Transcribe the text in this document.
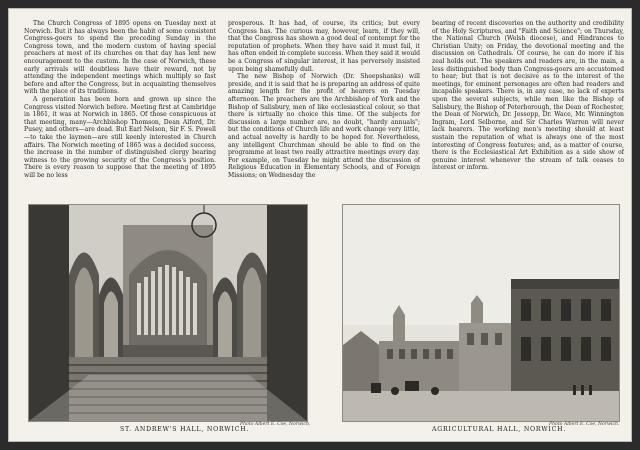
The Church Congress of 1895 opens on Tuesday next at Norwich. But it has always been the habit of some consistent Congress-goers to spend the preceding Sunday in the Congress town, and the modern custom of having special preachers at most of its churches on that day has lent new encouragement to the custom. In the case of Norwich, these early arrivals will doubtless have their reward, not by attending the independent meetings which multiply so fast before and after the Congress, but in acquainting themselves with the place of its traditions.

A generation has been born and grown up since the Congress visited Norwich before. Meeting first at Cambridge in 1861, it was at Norwich in 1865. Of those conspicuous at that meeting, many—Archbishop Thomson, Dean Alford, Dr. Pusey, and others—are dead. But Earl Nelson, Sir F. S. Powell—to take the laymen—are still keenly interested in Church affairs. The Norwich meeting of 1865 was a decided success, the increase in the number of distinguished clergy bearing witness to the growing security of the Congress's position. There is every reason to suppose that the meeting of 1895 will be no less

prosperous. It has had, of course, its critics; but every Congress has. The curious may, however, learn, if they will, that the Congress has shown a good deal of contempt for the reputation of prophets. When they have said it must fail, it has often ended in complete success. When they said it would be a Congress of singular interest, it has perversely insisted upon being shamefully dull.

The new Bishop of Norwich (Dr. Sheepshanks) will preside, and it is said that he is preparing an address of quite amazing length for the profit of hearers on Tuesday afternoon. The preachers are the Archbishop of York and the Bishop of Salisbury, men of like ecclesiastical colour, so that there is virtually no choice this time. Of the subjects for discussion a large number are, no doubt, "hardy annuals"; but the conditions of Church life and work change very little, and actual novelty is hardly to be hoped for. Nevertheless, any intelligent Churchman should be able to find on the programme at least two really attractive meetings every day. For example, on Tuesday he might attend the discussion of Religious Education in Elementary Schools, and of Foreign Missions; on Wednesday the

bearing of recent discoveries on the authority and credibility of the Holy Scriptures, and "Faith and Science"; on Thursday, the National Church (Welsh diocese), and Hindrances to Christian Unity; on Friday, the devotional meeting and the discussion on Cathedrals. Of course, he can do more if his zeal holds out. The speakers and readers are, in the main, a less distinguished body than Congress-goers are accustomed to hear; but that is not decisive as to the interest of the meetings, for eminent personages are often bad readers and incapable speakers. There is, in any case, no lack of experts upon the several subjects, while men like the Bishop of Salisbury, the Bishop of Peterborough, the Dean of Rochester, the Dean of Norwich, Dr. Jessopp, Dr. Wace, Mr. Winnington Ingram, Lord Selborne, and Sir Charles Warren will never lack hearers. The working men's meeting should at least sustain the reputation of what is always one of the most interesting of Congress features; and, as a matter of course, there is the Ecclesiastical Art Exhibition as a side show of genuine interest whenever the stream of talk ceases to interest or inform.

ST. ANDREW'S HALL, NORWICH.
Photo Albert E. Coe, Norwich.
AGRICULTURAL HALL, NORWICH.
Photo Albert E. Coe, Norwich.
